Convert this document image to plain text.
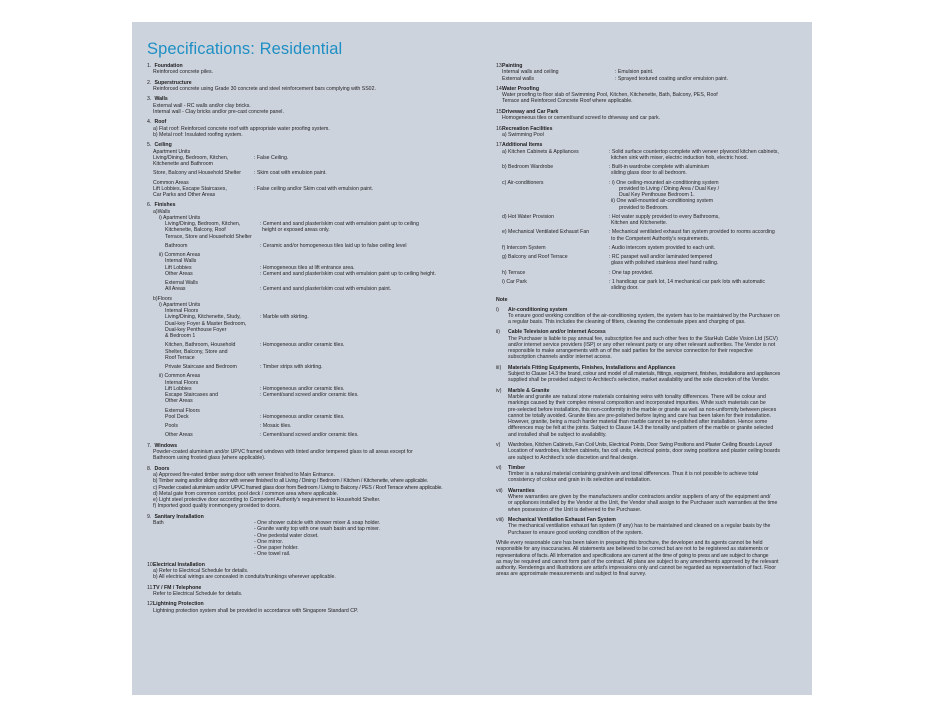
Specifications: Residential
1. Foundation
Reinforced concrete piles.
2. Superstructure
Reinforced concrete using Grade 30 concrete and steel reinforcement bars complying with SS02.
3. Walls
External wall - RC walls and/or clay bricks.
Internal wall - Clay bricks and/or pre-cast concrete panel.
4. Roof
a) Flat roof: Reinforced concrete roof with appropriate water proofing system.
b) Metal roof: Insulated roofing system.
5. Ceiling
Apartment Units
Living/Dining, Bedroom, Kitchen,
Kitchenette and Bathroom
: False Ceiling.
Store, Balcony and Household Shelter	: Skim coat with emulsion paint.
Common Areas
Lift Lobbies, Escape Staircases,
Car Parks and Other Areas
: False ceiling and/or Skim coat with emulsion paint.
6. Finishes
a)Walls
i) Apartment Units
Living/Dining, Bedroom, Kitchen,
Kitchenette, Balcony, Roof
Terrace, Store and Household Shelter
: Cement and sand plaster/skim coat with emulsion paint up to ceiling
height or exposed areas only.
Bathroom	: Ceramic and/or homogeneous tiles laid up to false ceiling level
ii) Common Areas
Internal Walls
Lift Lobbies	: Homogeneous tiles at lift entrance area.
Other Areas	: Cement and sand plaster/skim coat with emulsion paint up to ceiling height.
External Walls
All Areas	: Cement and sand plaster/skim coat with emulsion paint.
b)Floors
i) Apartment Units
Internal Floors
Living/Dining, Kitchenette, Study,
Dual-key Foyer & Master Bedroom,
Dual-key Penthouse Foyer
& Bedroom 1
: Marble with skirting.
Kitchen, Bathroom, Household
Shelter, Balcony, Store and
Roof Terrace
: Homogeneous and/or ceramic tiles.
Private Staircase and Bedroom	: Timber strips with skirting.
ii) Common Areas
Internal Floors
Lift Lobbies	: Homogeneous and/or ceramic tiles.
Escape Staircases and
Other Areas
: Cement/sand screed and/or ceramic tiles.
External Floors
Pool Deck	: Homogeneous and/or ceramic tiles.
Pools	: Mosaic tiles.
Other Areas	: Cement/sand screed and/or ceramic tiles.
7. Windows
Powder-coated aluminium and/or UPVC framed windows with tinted and/or tempered glass to all areas except for
Bathroom using frosted glass (where applicable).
8. Doors
a) Approved fire-rated timber swing door with veneer finished to Main Entrance.
b) Timber swing and/or sliding door with veneer finished to all Living / Dining / Bedroom / Kitchen / Kitchenette, where applicable.
c) Powder coated aluminium and/or UPVC framed glass door from Bedroom / Living to Balcony / PES / Roof Terrace where applicable.
d) Metal gate from common corridor, pool deck / common area where applicable.
e) Light steel protective door according to Competent Authority's requirement to Household Shelter.
f) Imported good quality ironmongery provided to doors.
9. Sanitary Installation
Bath	- One shower cubicle with shower mixer & soap holder.
- Granite vanity top with one wash basin and tap mixer.
- One pedestal water closet.
- One mirror.
- One paper holder.
- One towel rail.
10.Electrical Installation
a) Refer to Electrical Schedule for details.
b) All electrical wirings are concealed in conduits/trunkings wherever applicable.
11.TV / FM / Telephone
Refer to Electrical Schedule for details.
12.Lightning Protection
Lightning protection system shall be provided in accordance with Singapore Standard CP.
13.Painting
Internal walls and ceiling	: Emulsion paint.
External walls	: Sprayed textured coating and/or emulsion paint.
14.Water Proofing
Water proofing to floor slab of Swimming Pool, Kitchen, Kitchenette, Bath, Balcony, PES, Roof
Terrace and Reinforced Concrete Roof where applicable.
15.Driveway and Car Park
Homogeneous tiles or cement/sand screed to driveway and car park.
16.Recreation Facilities
a) Swimming Pool
17.Additional Items
a) Kitchen Cabinets & Appliances	: Solid surface countertop complete with veneer plywood kitchen cabinets,
kitchen sink with mixer, electric induction hob, electric hood.
b) Bedroom Wardrobe	: Built-in wardrobe complete with aluminium
sliding glass door to all bedroom.
c) Air-conditioners	: i) One ceiling-mounted air-conditioning system
provided to Living / Dining Area / Dual Key /
Dual Key Penthouse Bedroom 1.
ii) One wall-mounted air-conditioning system
provided to Bedroom.
d) Hot Water Provision	: Hot water supply provided to every Bathrooms,
Kitchen and Kitchenette.
e) Mechanical Ventilated Exhaust Fan	: Mechanical ventilated exhaust fan system provided to rooms according
to the Competent Authority's requirements.
f) Intercom System	: Audio intercom system provided to each unit.
g) Balcony and Roof Terrace	: RC parapet wall and/or laminated tempered
glass with polished stainless steel hand railing.
h) Terrace	: One tap provided.
i) Car Park	: 1 handicap car park lot, 14 mechanical car park lots with automatic
sliding door.
Note
i) Air-conditioning system
To ensure good working condition of the air-conditioning system, the system has to be maintained by the Purchaser on
a regular basis. This includes the cleaning of filters, cleaning the condensate pipes and charging of gas.
ii) Cable Television and/or Internet Access
The Purchaser is liable to pay annual fee, subscription fee and such other fees to the StarHub Cable Vision Ltd (SCV)
and/or internet service providers (ISP) or any other relevant party or any other relevant authorities. The Vendor is not
responsible to make arrangements with an of the said parties for the service connection for their respective
subscription channels and/or internet access.
iii) Materials Fitting Equipments, Finishes, Installations and Appliances
Subject to Clause 14.3 the brand, colour and model of all materials, fittings, equipment, finishes, installations and appliances
supplied shall be provided subject to Architect's selection, market availability and the sole discretion of the Vendor.
iv) Marble & Granite
Marble and granite are natural stone materials containing veins with tonality differences. There will be colour and
markings caused by their complex mineral composition and incorporated impurities. While such materials can be
pre-selected before installation, this non-conformity in the marble or granite as well as non-uniformity between pieces
cannot be totally avoided. Granite tiles are pre-polished before laying and care has been taken for their installation.
However, granite, being a much harder material than marble cannot be re-polished after installation. Hence some
differences may be felt at the joints. Subject to Clause 14.3 the tonality and pattern of the marble or granite selected
and installed shall be subject to availability.
v) Wardrobes, Kitchen Cabinets, Fan Coil Units, Electrical Points, Door Swing Positions and Plaster Ceiling Boards Layout/
Location of wardrobes, kitchen cabinets, fan coil units, electrical points, door swing positions and plaster ceiling boards
are subject to Architect's sole discretion and final design.
vi) Timber
Timber is a natural material containing grain/vein and tonal differences. Thus it is not possible to achieve total
consistency of colour and grain in its selection and installation.
vii) Warranties
Where warranties are given by the manufacturers and/or contractors and/or suppliers of any of the equipment and/
or appliances installed by the Vendor at the Unit, the Vendor shall assign to the Purchaser such warranties at the time
when possession of the Unit is delivered to the Purchaser.
viii) Mechanical Ventilation Exhaust Fan System
The mechanical ventilation exhaust fan system (if any) has to be maintained and cleaned on a regular basis by the
Purchaser to ensure good working condition of the system.
While every reasonable care has been taken in preparing this brochure, the developer and its agents cannot be held
responsible for any inaccuracies. All statements are believed to be correct but are not to be registered as statements or
representations of facts. All information and specifications are current at the time of going to press and are subject to change
as may be required and cannot form part of the contract. All plans are subject to any amendments approved by the relevant
authority. Renderings and illustrations are artist's impressions only and cannot be regarded as representation of fact. Floor
areas are approximate measurements and subject to final survey.
